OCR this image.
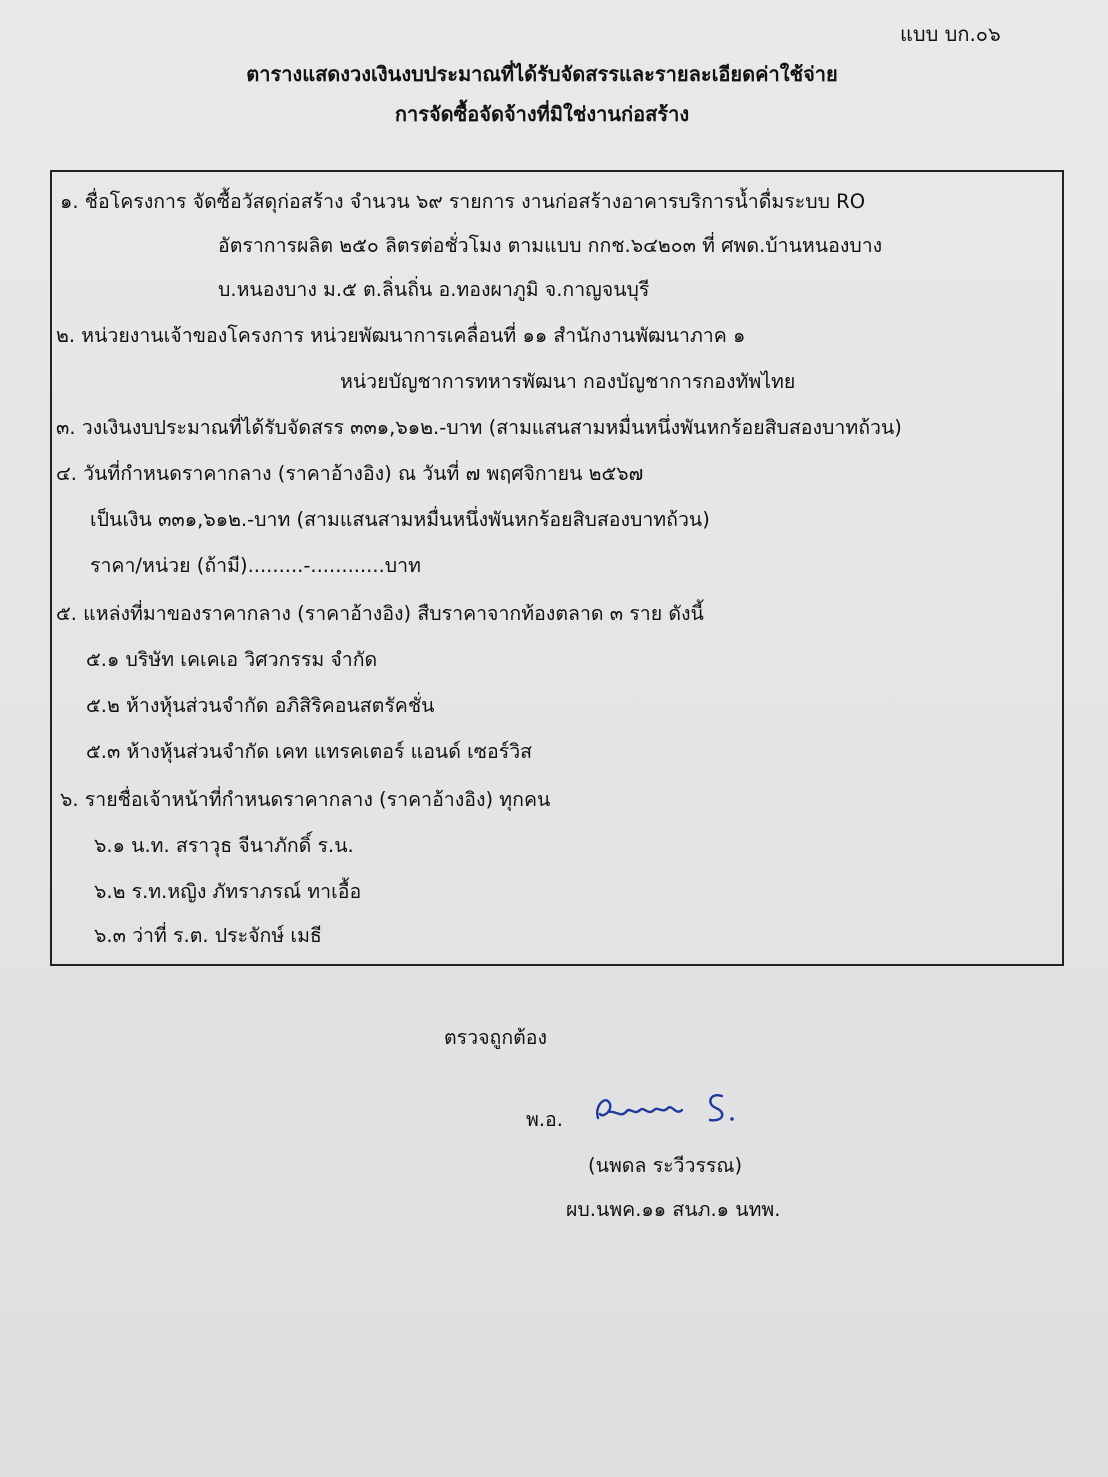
แบบ บก.๐๖
ตารางแสดงวงเงินงบประมาณที่ได้รับจัดสรรและรายละเอียดค่าใช้จ่าย
การจัดซื้อจัดจ้างที่มิใช่งานก่อสร้าง
๑. ชื่อโครงการ จัดซื้อวัสดุก่อสร้าง จำนวน ๖๙ รายการ งานก่อสร้างอาคารบริการน้ำดื่มระบบ RO
อัตราการผลิต ๒๕๐ ลิตรต่อชั่วโมง ตามแบบ กกช.๖๔๒๐๓ ที่ ศพด.บ้านหนองบาง
บ.หนองบาง ม.๕ ต.ลิ่นถิ่น อ.ทองผาภูมิ จ.กาญจนบุรี
๒. หน่วยงานเจ้าของโครงการ หน่วยพัฒนาการเคลื่อนที่ ๑๑ สำนักงานพัฒนาภาค ๑
หน่วยบัญชาการทหารพัฒนา กองบัญชาการกองทัพไทย
๓. วงเงินงบประมาณที่ได้รับจัดสรร ๓๓๑,๖๑๒.-บาท (สามแสนสามหมื่นหนึ่งพันหกร้อยสิบสองบาทถ้วน)
๔. วันที่กำหนดราคากลาง (ราคาอ้างอิง) ณ วันที่ ๗ พฤศจิกายน ๒๕๖๗
เป็นเงิน ๓๓๑,๖๑๒.-บาท (สามแสนสามหมื่นหนึ่งพันหกร้อยสิบสองบาทถ้วน)
ราคา/หน่วย (ถ้ามี).........-............บาท
๕. แหล่งที่มาของราคากลาง (ราคาอ้างอิง) สืบราคาจากท้องตลาด ๓ ราย ดังนี้
๕.๑ บริษัท เคเคเอ วิศวกรรม จำกัด
๕.๒ ห้างหุ้นส่วนจำกัด อภิสิริคอนสตรัคชั่น
๕.๓ ห้างหุ้นส่วนจำกัด เคท แทรคเตอร์ แอนด์ เซอร์วิส
๖. รายชื่อเจ้าหน้าที่กำหนดราคากลาง (ราคาอ้างอิง) ทุกคน
๖.๑ น.ท. สราวุธ จีนาภักดิ์ ร.น.
๖.๒ ร.ท.หญิง ภัทราภรณ์ ทาเอื้อ
๖.๓ ว่าที่ ร.ต. ประจักษ์ เมธี
ตรวจถูกต้อง
พ.อ.
(นพดล ระวีวรรณ)
ผบ.นพค.๑๑ สนภ.๑ นทพ.
